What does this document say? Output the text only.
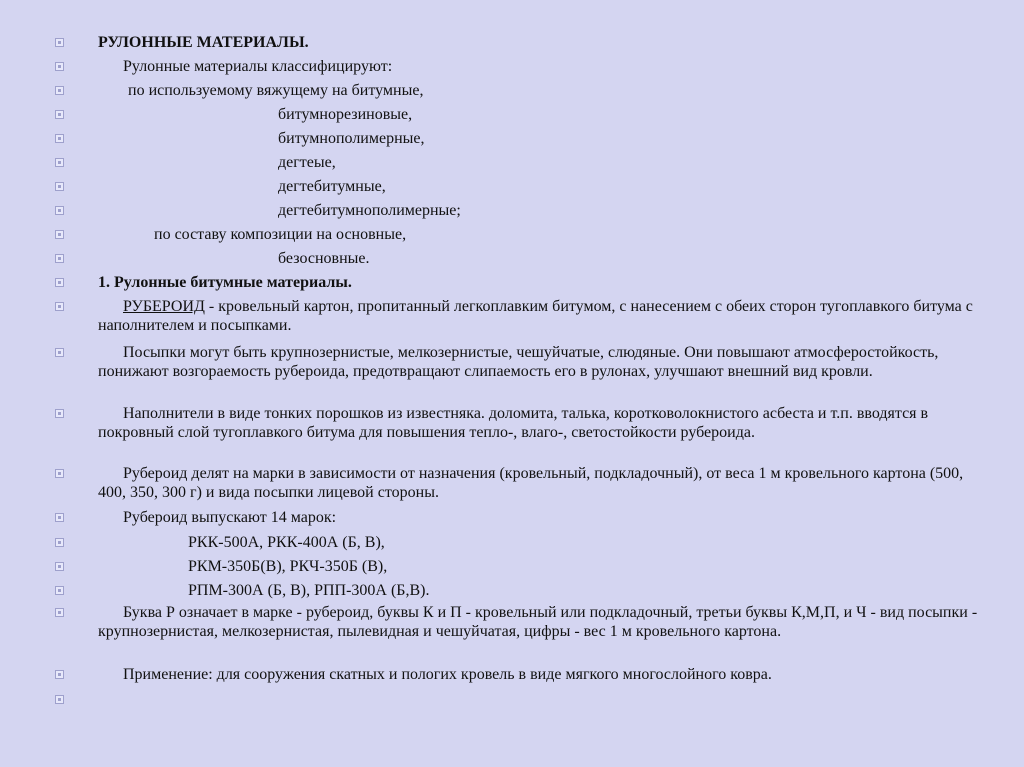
РУЛОННЫЕ МАТЕРИАЛЫ.
Рулонные материалы классифицируют:
по используемому вяжущему на битумные,
битумнорезиновые,
битумнополимерные,
дегтеые,
дегтебитумные,
дегтебитумнополимерные;
по составу композиции на основные,
безосновные.
1. Рулонные битумные материалы.
РУБЕРОИД - кровельный картон, пропитанный легкоплавким битумом, с нанесением с обеих сторон тугоплавкого битума с наполнителем и посыпками.
Посыпки могут быть крупнозернистые, мелкозернистые, чешуйчатые, слюдяные. Они повышают атмосферостойкость, понижают возгораемость рубероида, предотвращают слипаемость его в рулонах, улучшают внешний вид кровли.
Наполнители в виде тонких порошков из известняка. доломита, талька, коротковолокнистого асбеста и т.п. вводятся в покровный слой тугоплавкого битума для повышения тепло-, влаго-, светостойкости рубероида.
Рубероид делят на марки в зависимости от назначения (кровельный, подкладочный), от веса 1 м кровельного картона (500, 400, 350, 300 г) и вида посыпки лицевой стороны.
Рубероид выпускают 14 марок:
РКК-500А, РКК-400А (Б, В),
РКМ-350Б(В), РКЧ-350Б (В),
РПМ-300А (Б, В), РПП-300А (Б,В).
Буква Р означает в марке - рубероид, буквы К и П - кровельный или подкладочный, третьи буквы К,М,П, и Ч - вид посыпки - крупнозернистая, мелкозернистая, пылевидная и чешуйчатая, цифры - вес 1 м кровельного картона.
Применение: для сооружения скатных и пологих кровель в виде мягкого многослойного ковра.
